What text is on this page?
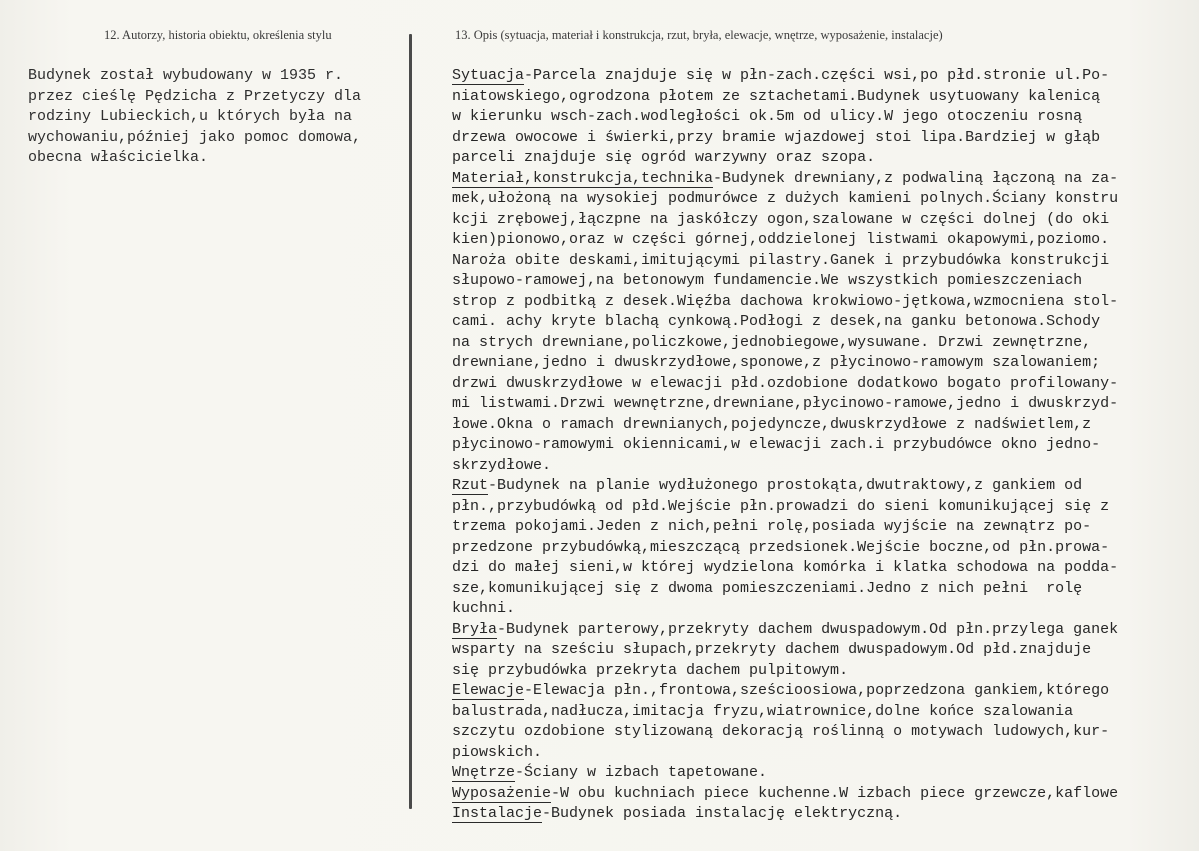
12. Autorzy, historia obiektu, określenia stylu	13. Opis (sytuacja, materiał i konstrukcja, rzut, bryła, elewacje, wnętrze, wyposażenie, instalacje)
Budynek został wybudowany w 1935 r.
przez cieślę Pędzicha z Przetyczy dla
rodziny Lubieckich,u których była na
wychowaniu,później jako pomoc domowa,
obecna właścicielka.
Sytuacja-Parcela znajduje się w płn-zach.części wsi,po płd.stronie ul.Po-
niatowskiego,ogrodzona płotem ze sztachetami.Budynek usytuowany kalenicą
w kierunku wsch-zach.wodległości ok.5m od ulicy.W jego otoczeniu rosną
drzewa owocowe i świerki,przy bramie wjazdowej stoi lipa.Bardziej w głąb
parceli znajduje się ogród warzywny oraz szopa.
Materiał,konstrukcja,technika-Budynek drewniany,z podwaliną łączoną na za-
mek,ułożoną na wysokiej podmurówce z dużych kamieni polnych.Ściany konstru
kcji zrębowej,łączpne na jaskółczy ogon,szalowane w części dolnej (do oki
kien)pionowo,oraz w części górnej,oddzielonej listwami okapowymi,poziomo.
Naroża obite deskami,imitującymi pilastry.Ganek i przybudówka konstrukcji
słupowo-ramowej,na betonowym fundamencie.We wszystkich pomieszczeniach
strop z podbitką z desek.Więźba dachowa krokwiowo-jętkowa,wzmocniena stol-
cami. achy kryte blachą cynkową.Podłogi z desek,na ganku betonowa.Schody
na strych drewniane,policzkowe,jednobiegowe,wysuwane. Drzwi zewnętrzne,
drewniane,jedno i dwuskrzydłowe,sponowe,z płycinowo-ramowym szalowaniem;
drzwi dwuskrzydłowe w elewacji płd.ozdobione dodatkowo bogato profilowany-
mi listwami.Drzwi wewnętrzne,drewniane,płycinowo-ramowe,jedno i dwuskrzyd-
łowe.Okna o ramach drewnianych,pojedyncze,dwuskrzydłowe z nadświetlem,z
płycinowo-ramowymi okiennicami,w elewacji zach.i przybudówce okno jedno-
skrzydłowe.
Rzut-Budynek na planie wydłużonego prostokąta,dwutraktowy,z gankiem od
płn.,przybudówką od płd.Wejście płn.prowadzi do sieni komunikującej się z
trzema pokojami.Jeden z nich,pełni rolę,posiada wyjście na zewnątrz po-
przedzone przybudówką,mieszczącą przedsionek.Wejście boczne,od płn.prowa-
dzi do małej sieni,w której wydzielona komórka i klatka schodowa na podda-
sze,komunikującej się z dwoma pomieszczeniami.Jedno z nich pełni  rolę
kuchni.
Bryła-Budynek parterowy,przekryty dachem dwuspadowym.Od płn.przylega ganek
wsparty na sześciu słupach,przekryty dachem dwuspadowym.Od płd.znajduje
się przybudówka przekryta dachem pulpitowym.
Elewacje-Elewacja płn.,frontowa,sześcioosiowa,poprzedzona gankiem,którego
balustrada,nadłucza,imitacja fryzu,wiatrownice,dolne końce szalowania
szczytu ozdobione stylizowaną dekoracją roślinną o motywach ludowych,kur-
piowskich.
Wnętrze-Ściany w izbach tapetowane.
Wyposażenie-W obu kuchniach piece kuchenne.W izbach piece grzewcze,kaflowe
Instalacje-Budynek posiada instalację elektryczną.
